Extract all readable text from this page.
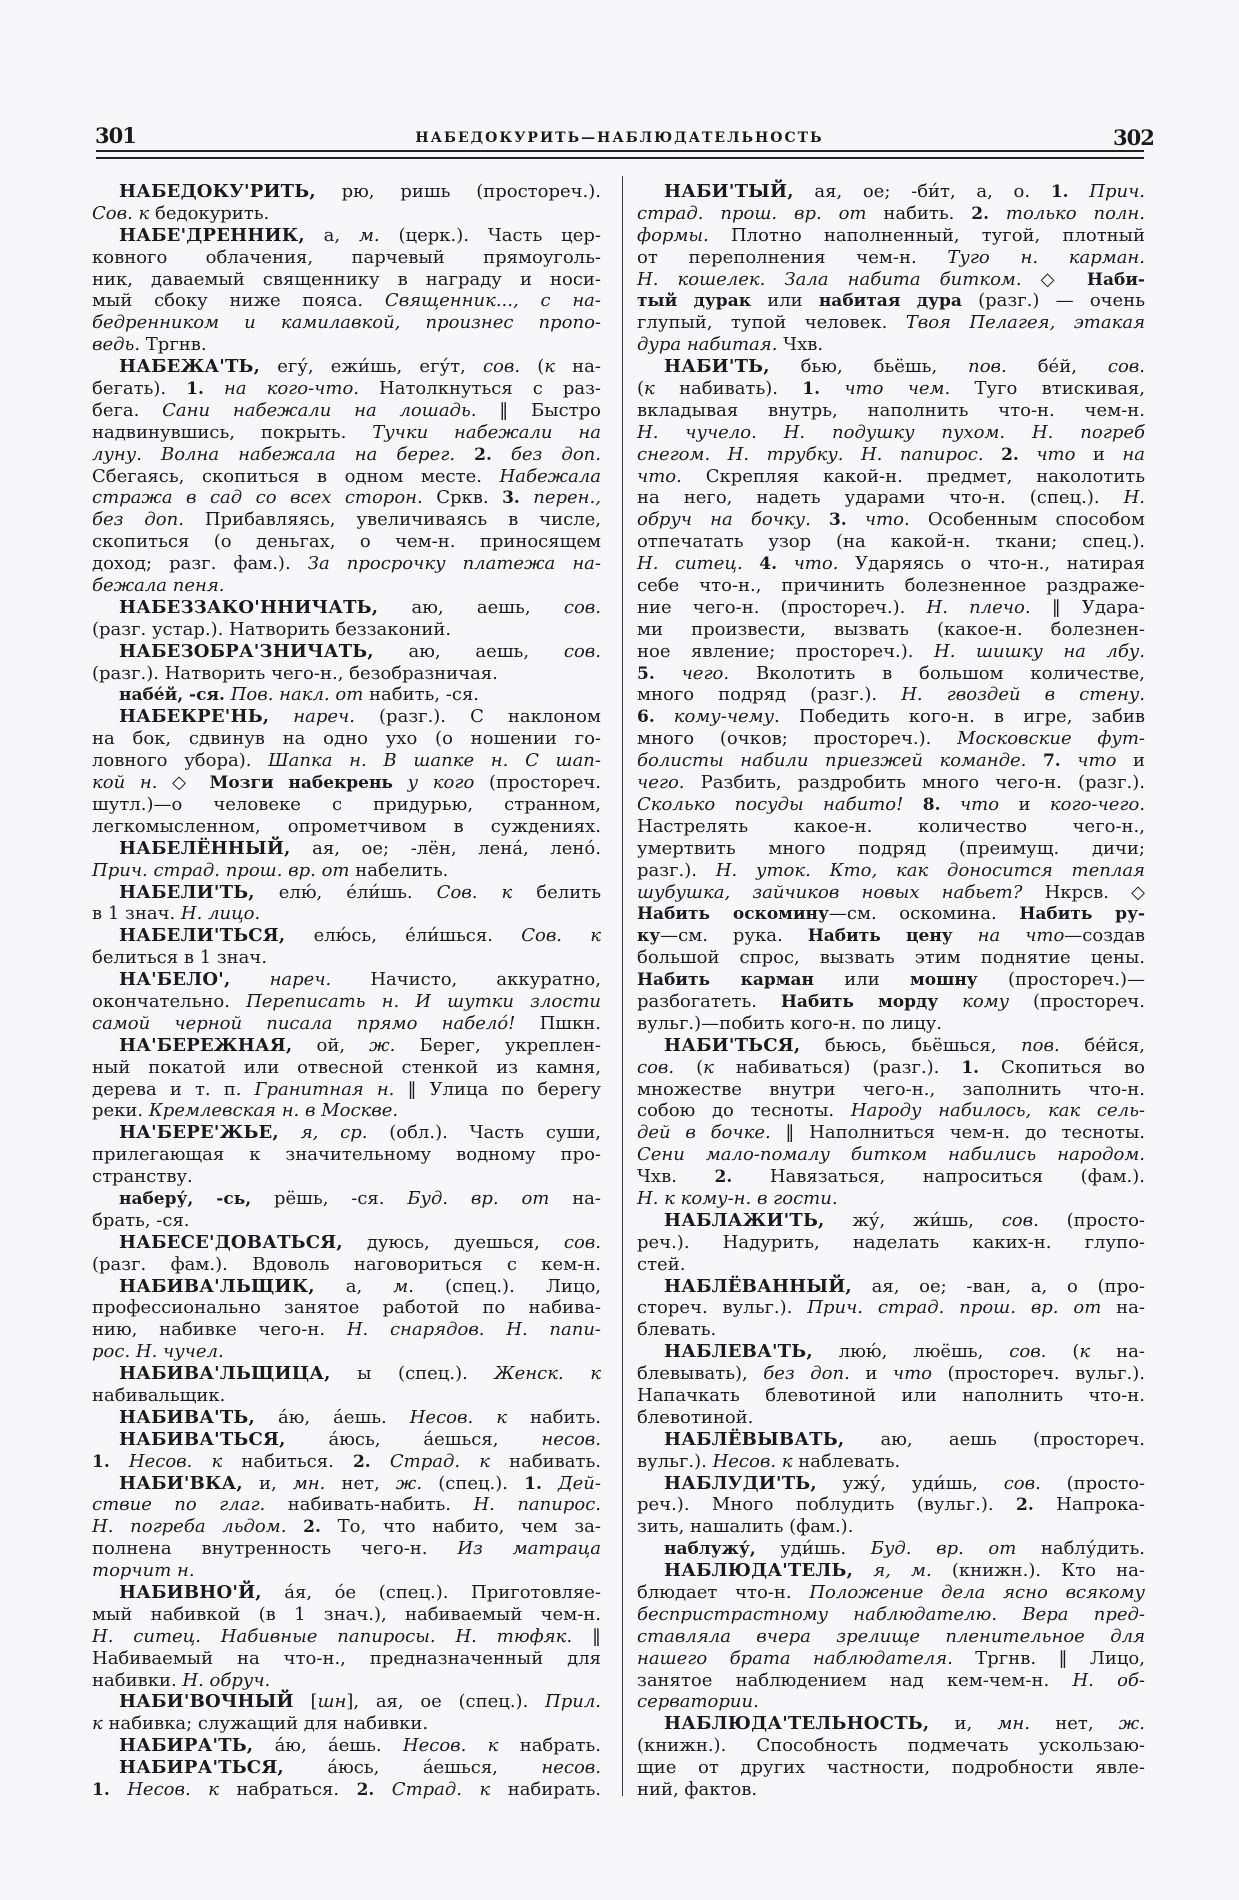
301	НАБЕДОКУРИТЬ—НАБЛЮДАТЕЛЬНОСТЬ	302
НАБЕДОКУ'РИТЬ, рю, ришь (простореч.).
Сов. к бедокурить.
НАБЕ'ДРЕННИК, а, м. (церк.). Часть цер-
ковного облачения, парчевый прямоуголь-
ник, даваемый священнику в награду и носи-
мый сбоку ниже пояса. Священник..., с на-
бедренником и камилавкой, произнес пропо-
ведь. Тргнв.
НАБЕЖА'ТЬ, егу́, ежи́шь, егу́т, сов. (к на-
бегать). 1. на кого-что. Натолкнуться с раз-
бега. Сани набежали на лошадь. ‖ Быстро
надвинувшись, покрыть. Тучки набежали на
луну. Волна набежала на берег. 2. без доп.
Сбегаясь, скопиться в одном месте. Набежала
стража в сад со всех сторон. Сркв. 3. перен.,
без доп. Прибавляясь, увеличиваясь в числе,
скопиться (о деньгах, о чем-н. приносящем
доход; разг. фам.). За просрочку платежа на-
бежала пеня.
НАБЕЗЗАКО'ННИЧАТЬ, аю, аешь, сов.
(разг. устар.). Натворить беззаконий.
НАБЕЗОБРА'ЗНИЧАТЬ, аю, аешь, сов.
(разг.). Натворить чего-н., безобразничая.
набе́й, -ся. Пов. накл. от набить, -ся.
НАБЕКРЕ'НЬ, нареч. (разг.). С наклоном
на бок, сдвинув на одно ухо (о ношении го-
ловного убора). Шапка н. В шапке н. С шап-
кой н. ◇ Мозги набекрень у кого (простореч.
шутл.)—о человеке с придурью, странном,
легкомысленном, опрометчивом в суждениях.
НАБЕЛЁННЫЙ, ая, ое; -лён, лена́, лено́.
Прич. страд. прош. вр. от набелить.
НАБЕЛИ'ТЬ, елю́, е́ли́шь. Сов. к белить
в 1 знач. Н. лицо.
НАБЕЛИ'ТЬСЯ, елю́сь, е́ли́шься. Сов. к
белиться в 1 знач.
НА'БЕЛО', нареч. Начисто, аккуратно,
окончательно. Переписать н. И шутки злости
самой черной писала прямо набело́! Пшкн.
НА'БЕРЕЖНАЯ, ой, ж. Берег, укреплен-
ный покатой или отвесной стенкой из камня,
дерева и т. п. Гранитная н. ‖ Улица по берегу
реки. Кремлевская н. в Москве.
НА'БЕРЕ'ЖЬЕ, я, ср. (обл.). Часть суши,
прилегающая к значительному водному про-
странству.
наберу́, -сь, рёшь, -ся. Буд. вр. от на-
брать, -ся.
НАБЕСЕ'ДОВАТЬСЯ, дуюсь, дуешься, сов.
(разг. фам.). Вдоволь наговориться с кем-н.
НАБИВА'ЛЬЩИК, а, м. (спец.). Лицо,
профессионально занятое работой по набива-
нию, набивке чего-н. Н. снарядов. Н. папи-
рос. Н. чучел.
НАБИВА'ЛЬЩИЦА, ы (спец.). Женск. к
набивальщик.
НАБИВА'ТЬ, а́ю, а́ешь. Несов. к набить.
НАБИВА'ТЬСЯ, а́юсь, а́ешься, несов.
1. Несов. к набиться. 2. Страд. к набивать.
НАБИ'ВКА, и, мн. нет, ж. (спец.). 1. Дей-
ствие по глаг. набивать-набить. Н. папирос.
Н. погреба льдом. 2. То, что набито, чем за-
полнена внутренность чего-н. Из матраца
торчит н.
НАБИВНО'Й, а́я, о́е (спец.). Приготовляе-
мый набивкой (в 1 знач.), набиваемый чем-н.
Н. ситец. Набивные папиросы. Н. тюфяк. ‖
Набиваемый на что-н., предназначенный для
набивки. Н. обруч.
НАБИ'ВОЧНЫЙ [шн], ая, ое (спец.). Прил.
к набивка; служащий для набивки.
НАБИРА'ТЬ, а́ю, а́ешь. Несов. к набрать.
НАБИРА'ТЬСЯ, а́юсь, а́ешься, несов.
1. Несов. к набраться. 2. Страд. к набирать.
НАБИ'ТЫЙ, ая, ое; -би́т, а, о. 1. Прич.
страд. прош. вр. от набить. 2. только полн.
формы. Плотно наполненный, тугой, плотный
от переполнения чем-н. Туго н. карман.
Н. кошелек. Зала набита битком. ◇ Наби-
тый дурак или набитая дура (разг.) — очень
глупый, тупой человек. Твоя Пелагея, этакая
дура набитая. Чхв.
НАБИ'ТЬ, бью, бьёшь, пов. бе́й, сов.
(к набивать). 1. что чем. Туго втискивая,
вкладывая внутрь, наполнить что-н. чем-н.
Н. чучело. Н. подушку пухом. Н. погреб
снегом. Н. трубку. Н. папирос. 2. что и на
что. Скрепляя какой-н. предмет, наколотить
на него, надеть ударами что-н. (спец.). Н.
обруч на бочку. 3. что. Особенным способом
отпечатать узор (на какой-н. ткани; спец.).
Н. ситец. 4. что. Ударяясь о что-н., натирая
себе что-н., причинить болезненное раздраже-
ние чего-н. (простореч.). Н. плечо. ‖ Удара-
ми произвести, вызвать (какое-н. болезнен-
ное явление; простореч.). Н. шишку на лбу.
5. чего. Вколотить в большом количестве,
много подряд (разг.). Н. гвоздей в стену.
6. кому-чему. Победить кого-н. в игре, забив
много (очков; простореч.). Московские фут-
болисты набили приезжей команде. 7. что и
чего. Разбить, раздробить много чего-н. (разг.).
Сколько посуды набито! 8. что и кого-чего.
Настрелять какое-н. количество чего-н.,
умертвить много подряд (преимущ. дичи;
разг.). Н. уток. Кто, как доносится теплая
шубушка, зайчиков новых набьет? Нкрсв. ◇
Набить оскомину—см. оскомина. Набить ру-
ку—см. рука. Набить цену на что—создав
большой спрос, вызвать этим поднятие цены.
Набить карман или мошну (простореч.)—
разбогатеть. Набить морду кому (простореч.
вульг.)—побить кого-н. по лицу.
НАБИ'ТЬСЯ, бьюсь, бьёшься, пов. бе́йся,
сов. (к набиваться) (разг.). 1. Скопиться во
множестве внутри чего-н., заполнить что-н.
собою до тесноты. Народу набилось, как сель-
дей в бочке. ‖ Наполниться чем-н. до тесноты.
Сени мало-помалу битком набились народом.
Чхв. 2. Навязаться, напроситься (фам.).
Н. к кому-н. в гости.
НАБЛАЖИ'ТЬ, жу́, жи́шь, сов. (просто-
реч.). Надурить, наделать каких-н. глупо-
стей.
НАБЛЁВАННЫЙ, ая, ое; -ван, а, о (про-
стореч. вульг.). Прич. страд. прош. вр. от на-
блевать.
НАБЛЕВА'ТЬ, люю́, люёшь, сов. (к на-
блевывать), без доп. и что (простореч. вульг.).
Напачкать блевотиной или наполнить что-н.
блевотиной.
НАБЛЁВЫВАТЬ, аю, аешь (простореч.
вульг.). Несов. к наблевать.
НАБЛУДИ'ТЬ, ужу́, уди́шь, сов. (просто-
реч.). Много поблудить (вульг.). 2. Напрока-
зить, нашалить (фам.).
наблужу́, уди́шь. Буд. вр. от наблу́дить.
НАБЛЮДА'ТЕЛЬ, я, м. (книжн.). Кто на-
блюдает что-н. Положение дела ясно всякому
беспристрастному наблюдателю. Вера пред-
ставляла вчера зрелище пленительное для
нашего брата наблюдателя. Тргнв. ‖ Лицо,
занятое наблюдением над кем-чем-н. Н. об-
серватории.
НАБЛЮДА'ТЕЛЬНОСТЬ, и, мн. нет, ж.
(книжн.). Способность подмечать ускользаю-
щие от других частности, подробности явле-
ний, фактов.
